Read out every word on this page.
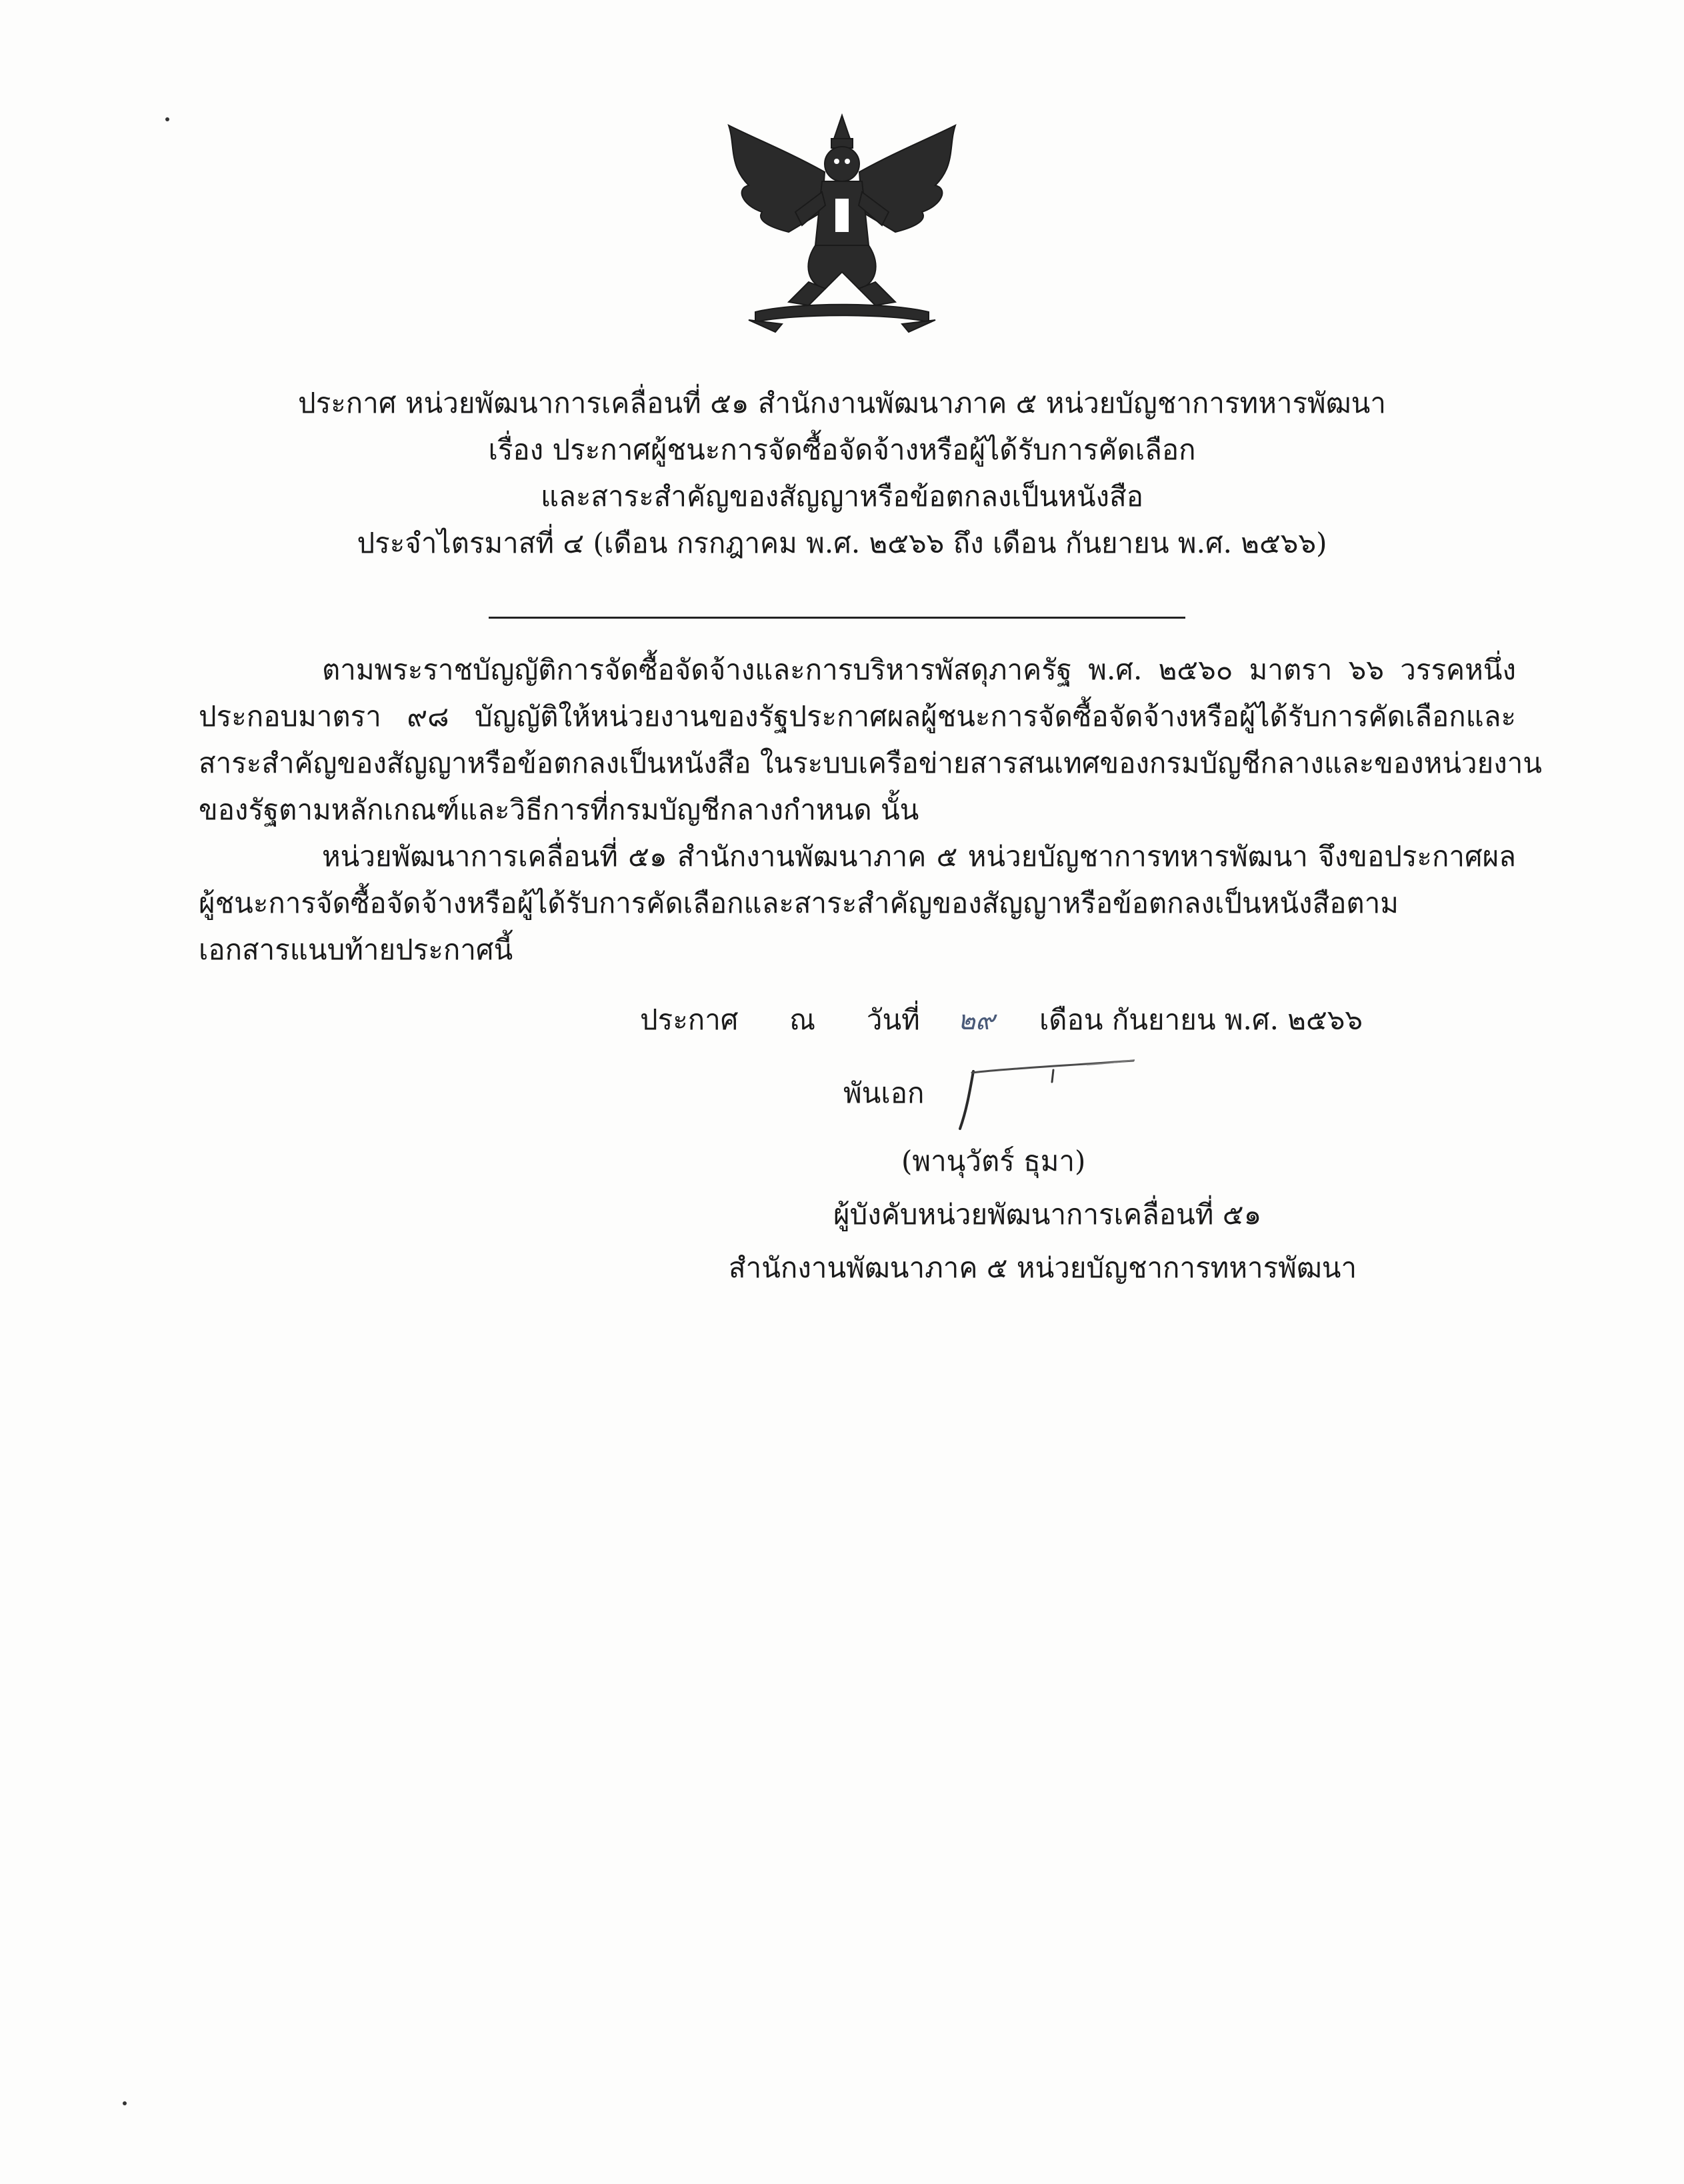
ประกาศ หน่วยพัฒนาการเคลื่อนที่ ๕๑ สำนักงานพัฒนาภาค ๕ หน่วยบัญชาการทหารพัฒนา
เรื่อง ประกาศผู้ชนะการจัดซื้อจัดจ้างหรือผู้ได้รับการคัดเลือก
และสาระสำคัญของสัญญาหรือข้อตกลงเป็นหนังสือ
ประจำไตรมาสที่ ๔ (เดือน กรกฎาคม พ.ศ. ๒๕๖๖ ถึง เดือน กันยายน พ.ศ. ๒๕๖๖)
ตามพระราชบัญญัติการจัดซื้อจัดจ้างและการบริหารพัสดุภาครัฐ พ.ศ. ๒๕๖๐ มาตรา ๖๖ วรรคหนึ่ง
ประกอบมาตรา ๙๘ บัญญัติให้หน่วยงานของรัฐประกาศผลผู้ชนะการจัดซื้อจัดจ้างหรือผู้ได้รับการคัดเลือกและ
สาระสำคัญของสัญญาหรือข้อตกลงเป็นหนังสือ ในระบบเครือข่ายสารสนเทศของกรมบัญชีกลางและของหน่วยงาน
ของรัฐตามหลักเกณฑ์และวิธีการที่กรมบัญชีกลางกำหนด นั้น
หน่วยพัฒนาการเคลื่อนที่ ๕๑ สำนักงานพัฒนาภาค ๕ หน่วยบัญชาการทหารพัฒนา จึงขอประกาศผล
ผู้ชนะการจัดซื้อจัดจ้างหรือผู้ได้รับการคัดเลือกและสาระสำคัญของสัญญาหรือข้อตกลงเป็นหนังสือตาม
เอกสารแนบท้ายประกาศนี้
ประกาศ ณ วันที่ ๒๙ เดือน กันยายน พ.ศ. ๒๕๖๖
พันเอก
(พานุวัตร์ ธุมา)
ผู้บังคับหน่วยพัฒนาการเคลื่อนที่ ๕๑
สำนักงานพัฒนาภาค ๕ หน่วยบัญชาการทหารพัฒนา
